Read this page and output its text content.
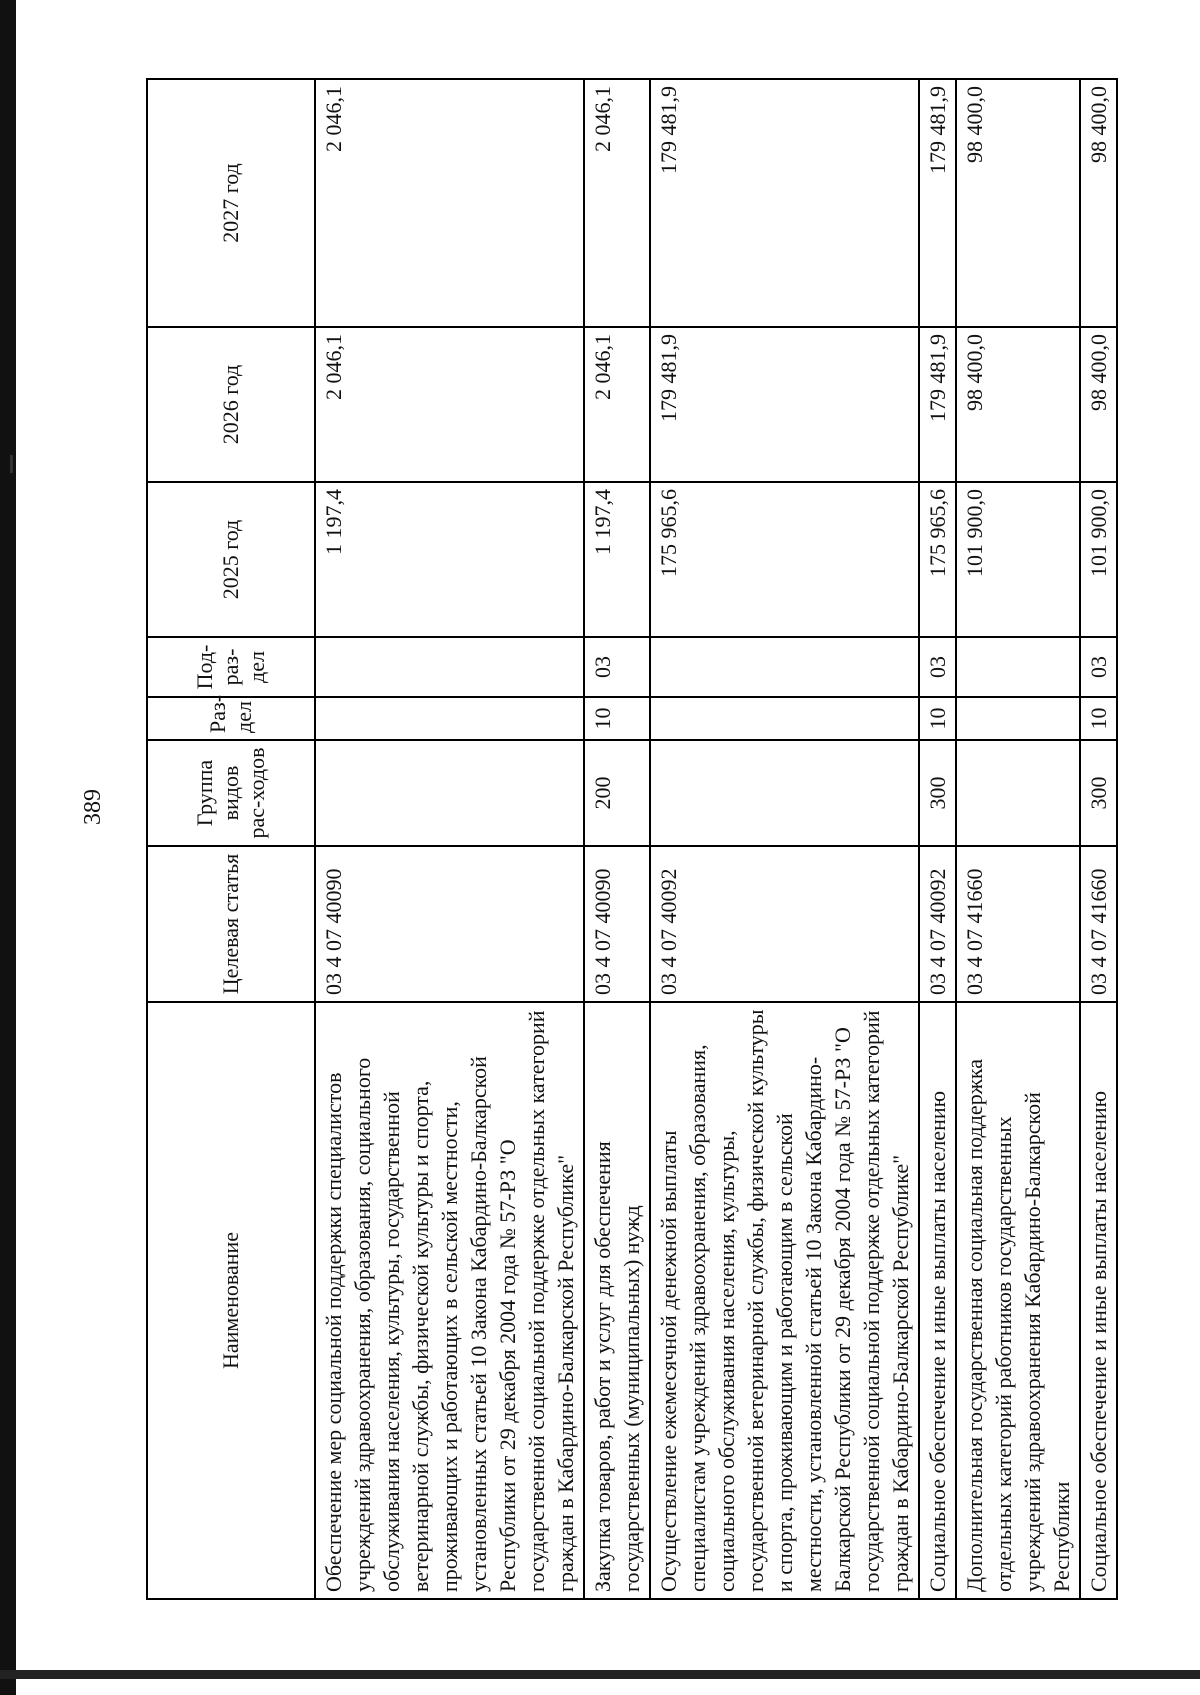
389
Наименование	Целевая статья	Группа видов рас-ходов	Раз-дел	Под-раз-дел	2025 год	2026 год	2027 год
Обеспечение мер социальной поддержки специалистов учреждений здравоохранения, образования, социального обслуживания населения, культуры, государственной ветеринарной службы, физической культуры и спорта, проживающих и работающих в сельской местности, установленных статьей 10 Закона Кабардино-Балкарской Республики от 29 декабря 2004 года № 57-РЗ "О государственной социальной поддержке отдельных категорий граждан в Кабардино-Балкарской Республике"	03 4 07 40090				1 197,4	2 046,1	2 046,1
Закупка товаров, работ и услуг для обеспечения государственных (муниципальных) нужд	03 4 07 40090	200	10	03	1 197,4	2 046,1	2 046,1
Осуществление ежемесячной денежной выплаты специалистам учреждений здравоохранения, образования, социального обслуживания населения, культуры, государственной ветеринарной службы, физической культуры и спорта, проживающим и работающим в сельской местности, установленной статьей 10 Закона Кабардино-Балкарской Республики от 29 декабря 2004 года № 57-РЗ "О государственной социальной поддержке отдельных категорий граждан в Кабардино-Балкарской Республике"	03 4 07 40092				175 965,6	179 481,9	179 481,9
Социальное обеспечение и иные выплаты населению	03 4 07 40092	300	10	03	175 965,6	179 481,9	179 481,9
Дополнительная государственная социальная поддержка отдельных категорий работников государственных учреждений здравоохранения Кабардино-Балкарской Республики	03 4 07 41660				101 900,0	98 400,0	98 400,0
Социальное обеспечение и иные выплаты населению	03 4 07 41660	300	10	03	101 900,0	98 400,0	98 400,0
